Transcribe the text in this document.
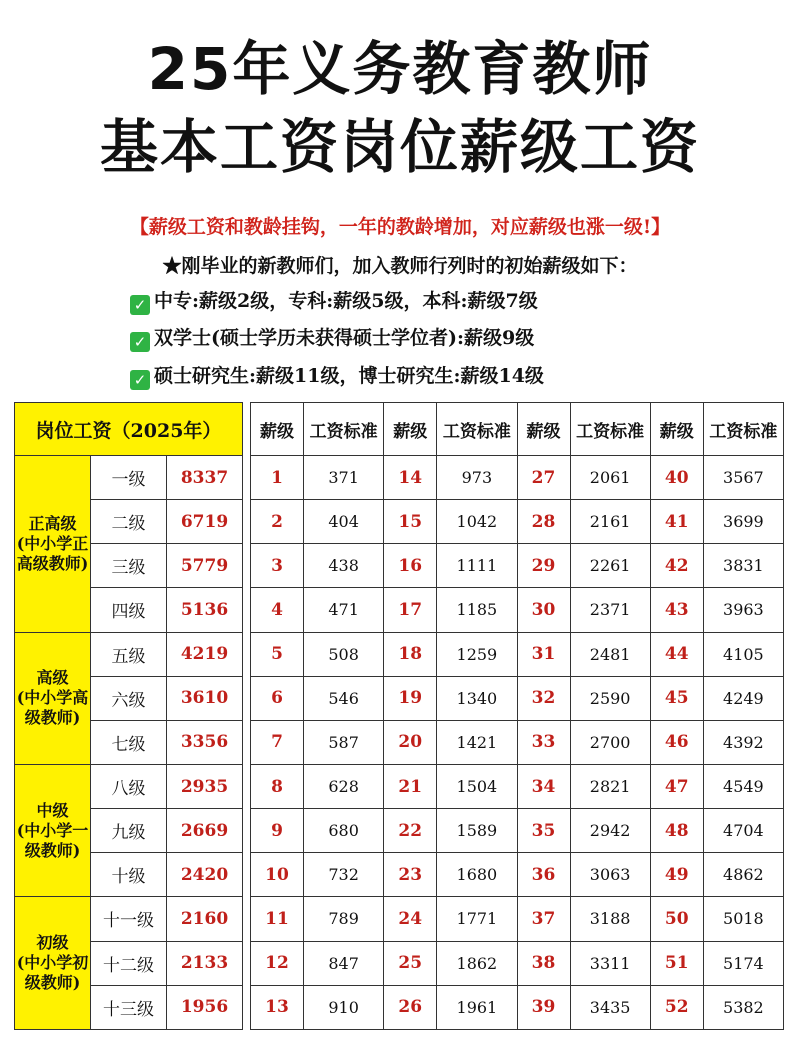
25年义务教育教师
基本工资岗位薪级工资
【薪级工资和教龄挂钩，一年的教龄增加，对应薪级也涨一级!】
★刚毕业的新教师们，加入教师行列时的初始薪级如下：
✓ 中专:薪级2级，专科:薪级5级，本科:薪级7级
✓ 双学士(硕士学历未获得硕士学位者):薪级9级
✓ 硕士研究生:薪级11级，博士研究生:薪级14级
岗位工资（2025年）		
正高级
(中小学正
高级教师)	一级	8337
	二级	6719
	三级	5779
	四级	5136
高级
(中小学高
级教师)	五级	4219
	六级	3610
	七级	3356
中级
(中小学一
级教师)	八级	2935
	九级	2669
	十级	2420
初级
(中小学初
级教师)	十一级	2160
	十二级	2133
	十三级	1956
薪级	工资标准	薪级	工资标准	薪级	工资标准	薪级	工资标准
1	371	14	973	27	2061	40	3567
2	404	15	1042	28	2161	41	3699
3	438	16	1111	29	2261	42	3831
4	471	17	1185	30	2371	43	3963
5	508	18	1259	31	2481	44	4105
6	546	19	1340	32	2590	45	4249
7	587	20	1421	33	2700	46	4392
8	628	21	1504	34	2821	47	4549
9	680	22	1589	35	2942	48	4704
10	732	23	1680	36	3063	49	4862
11	789	24	1771	37	3188	50	5018
12	847	25	1862	38	3311	51	5174
13	910	26	1961	39	3435	52	5382
